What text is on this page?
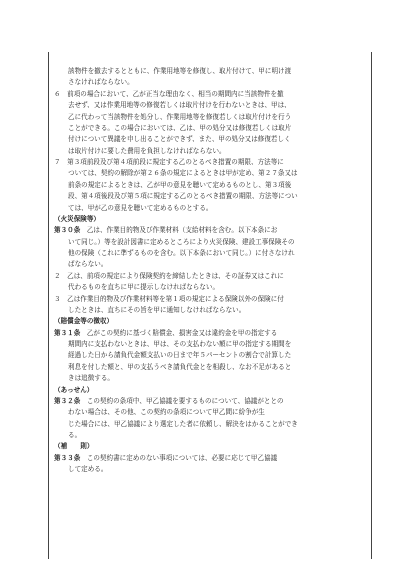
該物件を撤去するとともに、作業用地等を修復し、取片付けて、甲に明け渡
さなければならない。
６　前項の場合において、乙が正当な理由なく、相当の期間内に当該物件を撤
去せず、又は作業用地等の修復若しくは取片付けを行わないときは、甲は、
乙に代わって当該物件を処分し、作業用地等を修復若しくは取片付けを行う
ことができる。この場合においては、乙は、甲の処分又は修復若しくは取片
付けについて異議を申し出ることができず、また、甲の処分又は修復若しく
は取片付けに要した費用を負担しなければならない。
７　第３項前段及び第４項前段に規定する乙のとるべき措置の期限、方法等に
ついては、契約の解除が第２６条の規定によるときは甲が定め、第２７条又は
前条の規定によるときは、乙が甲の意見を聴いて定めるものとし、第３項後
段、第４項後段及び第５項に規定する乙のとるべき措置の期限、方法等につい
ては、甲が乙の意見を聴いて定めるものとする。
（火災保険等）
第３０条　乙は、作業目的物及び作業材料（支給材料を含む。以下本条にお
いて同じ。）等を設計図書に定めるところにより火災保険、建設工事保険その
他の保険（これに準ずるものを含む。以下本条において同じ。）に付さなけれ
ばならない。
２　乙は、前項の規定により保険契約を締結したときは、その証券又はこれに
代わるものを直ちに甲に提示しなければならない。
３　乙は作業目的物及び作業材料等を第１項の規定による保険以外の保険に付
したときは、直ちにその旨を甲に通知しなければならない。
（賠償金等の徴収）
第３１条　乙がこの契約に基づく賠償金、損害金又は違約金を甲の指定する
期間内に支払わないときは、甲は、その支払わない額に甲の指定する期間を
経過した日から請負代金額支払いの日まで年５パーセントの割合で計算した
利息を付した額と、甲の支払うべき請負代金とを相殺し、なお不足があると
きは追徴する。
（あっせん）
第３２条　この契約の条項中、甲乙協議を要するものについて、協議がととの
わない場合は、その他、この契約の条項について甲乙間に紛争が生
じた場合には、甲乙協議により選定した者に依頼し、解決をはかることができ
る。
（補　　則）
第３３条　この契約書に定めのない事項については、必要に応じて甲乙協議
して定める。
